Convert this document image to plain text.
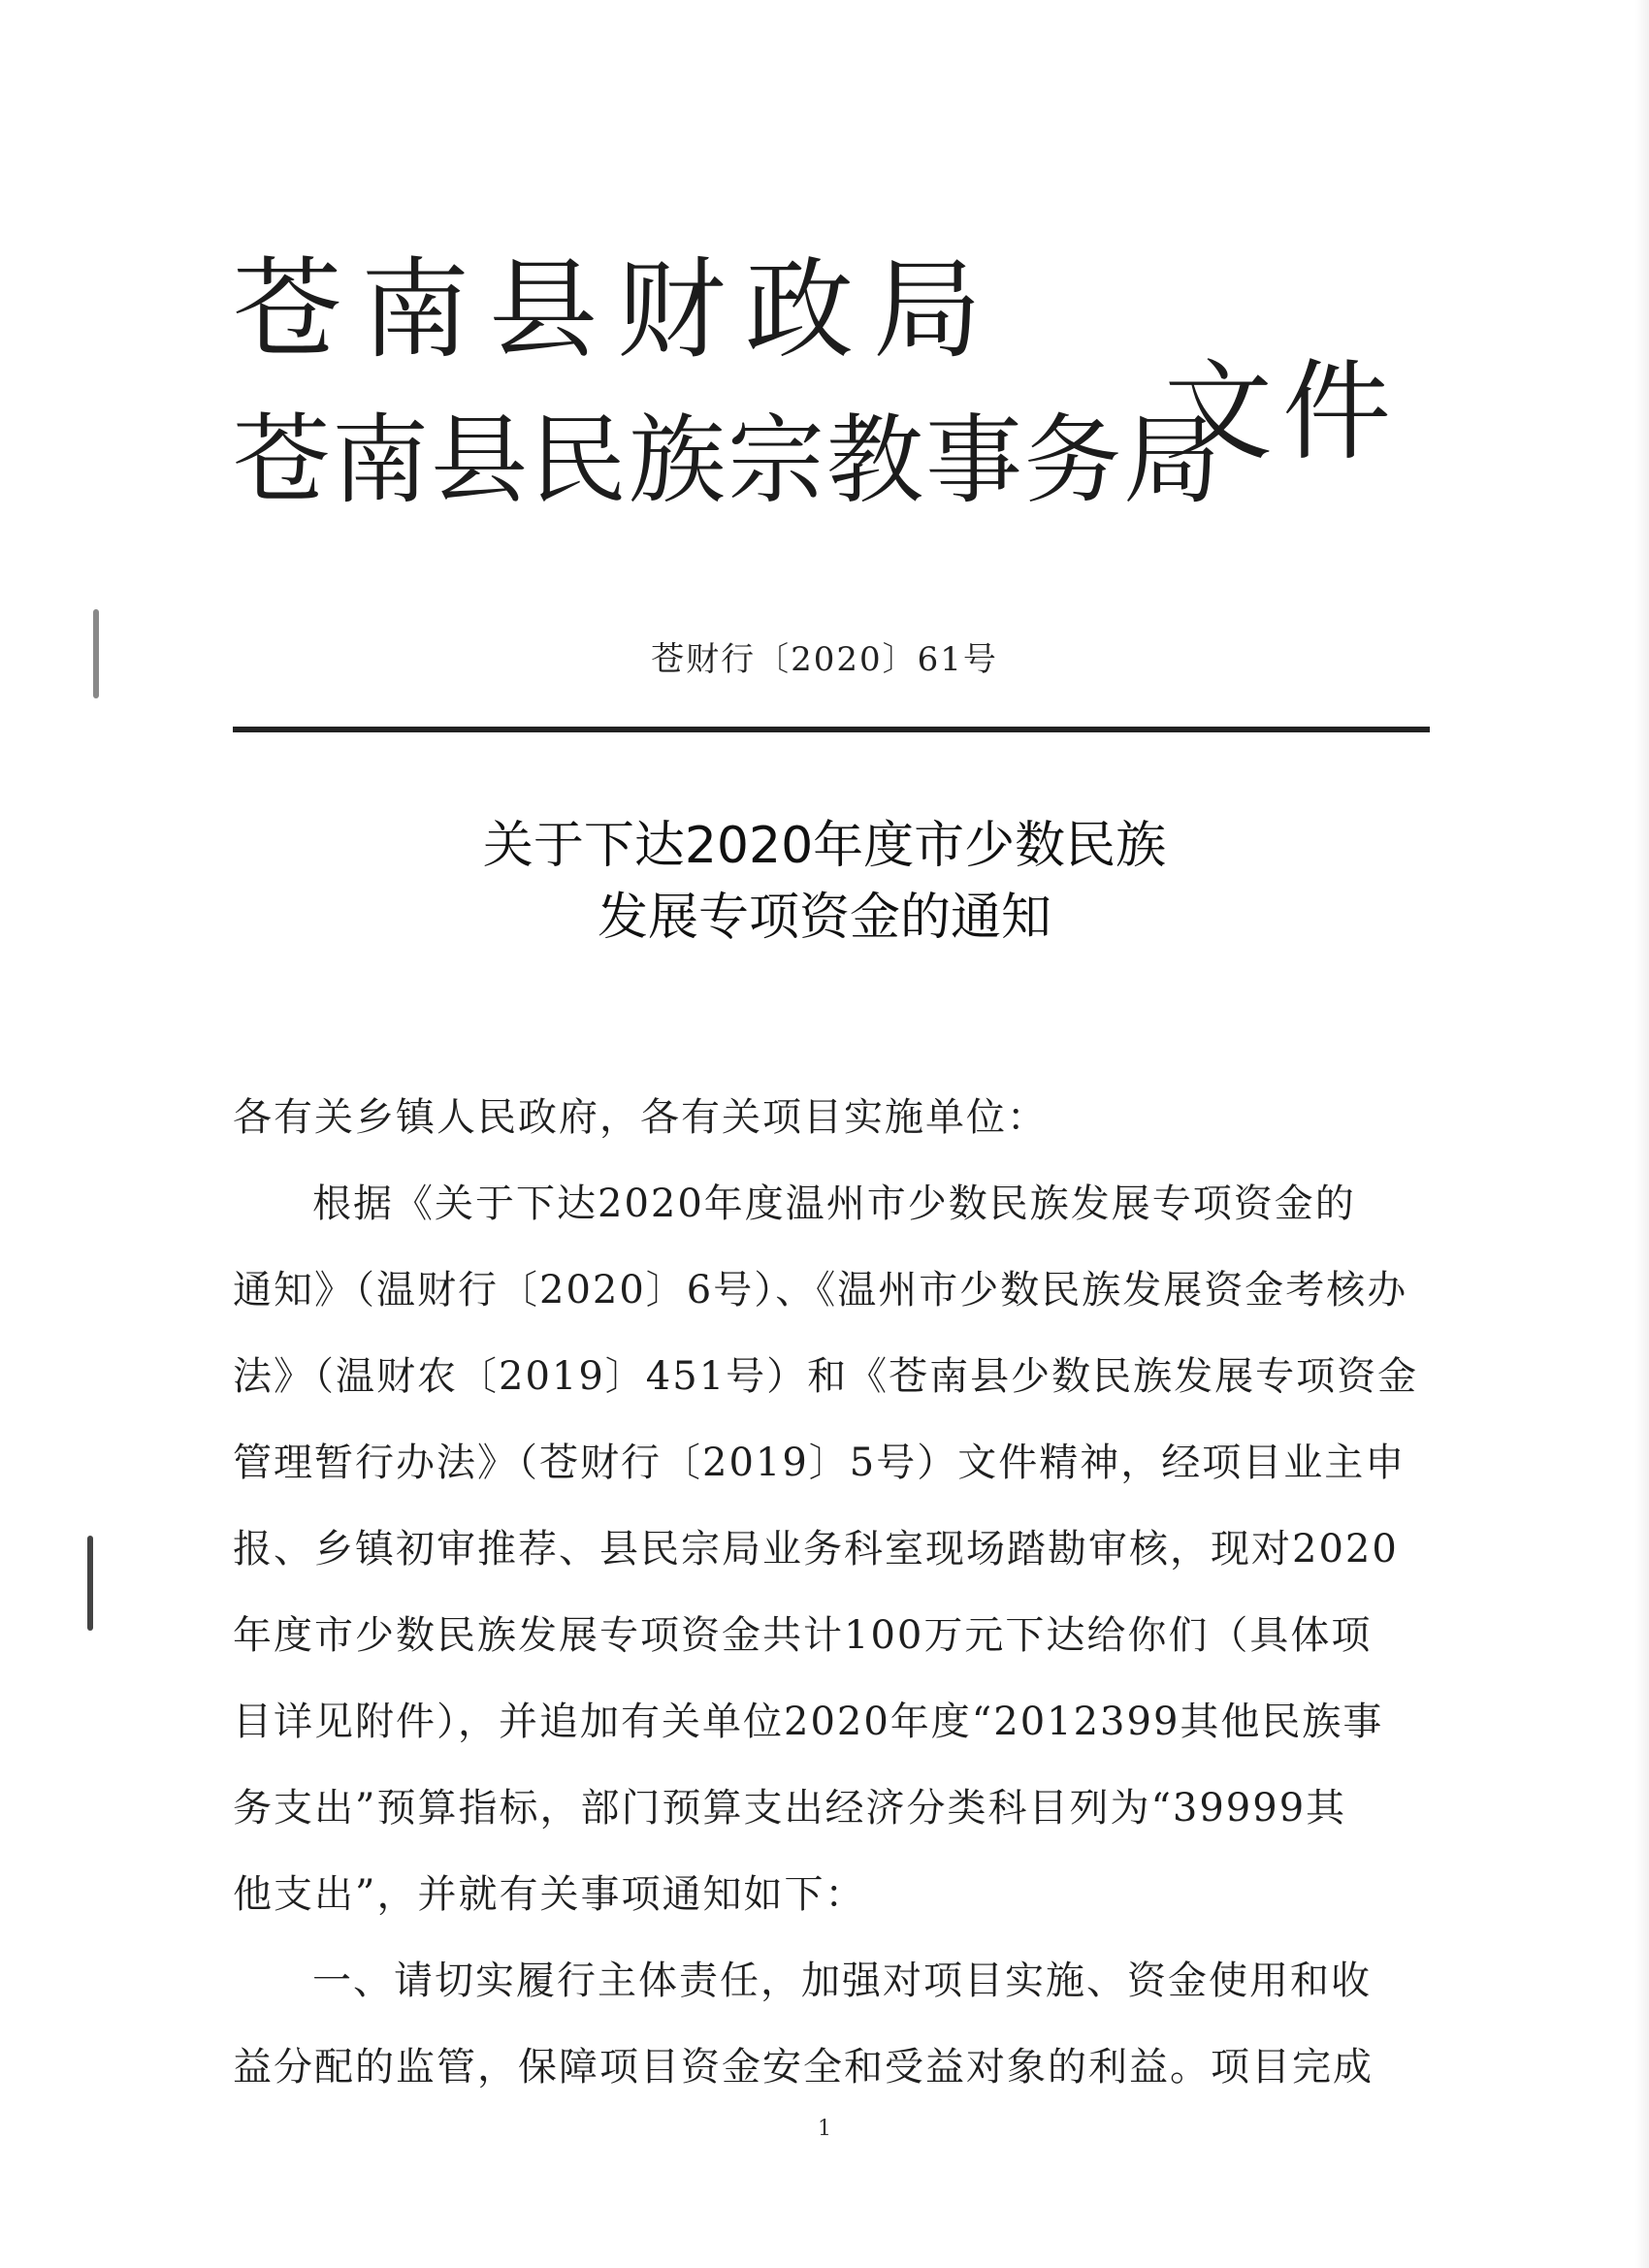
苍南县财政局
苍南县民族宗教事务局
文件
苍财行〔2020〕61号
关于下达2020年度市少数民族
发展专项资金的通知
各有关乡镇人民政府，各有关项目实施单位：
根据《关于下达2020年度温州市少数民族发展专项资金的
通知》（温财行〔2020〕6号）、《温州市少数民族发展资金考核办
法》（温财农〔2019〕451号）和《苍南县少数民族发展专项资金
管理暂行办法》（苍财行〔2019〕5号）文件精神，经项目业主申
报、乡镇初审推荐、县民宗局业务科室现场踏勘审核，现对2020
年度市少数民族发展专项资金共计100万元下达给你们（具体项
目详见附件），并追加有关单位2020年度“2012399其他民族事
务支出”预算指标，部门预算支出经济分类科目列为“39999其
他支出”，并就有关事项通知如下：
一、请切实履行主体责任，加强对项目实施、资金使用和收
益分配的监管，保障项目资金安全和受益对象的利益。项目完成
1
